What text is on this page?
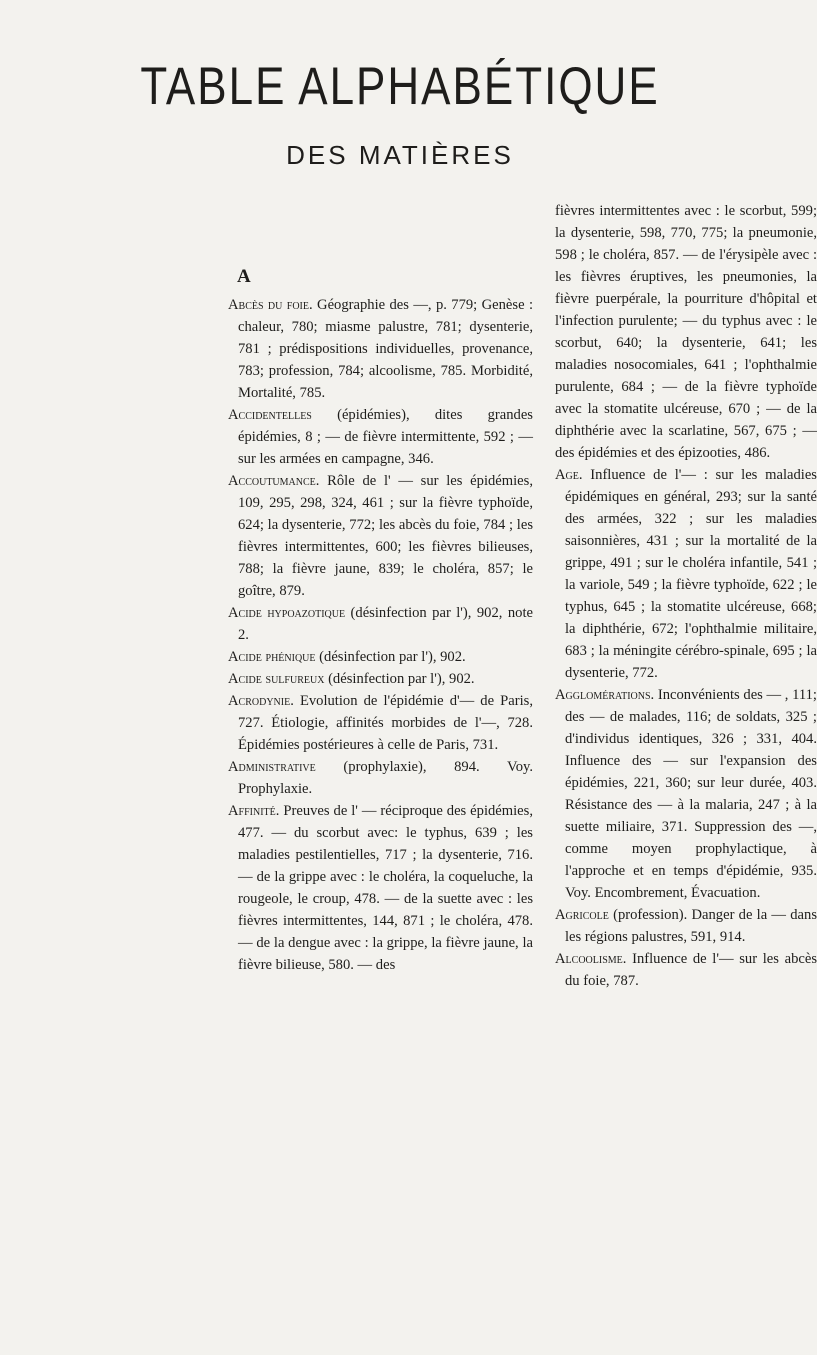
TABLE ALPHABÉTIQUE
DES MATIÈRES
A

Abcès du foie. Géographie des —, p. 779; Genèse : chaleur, 780; miasme palustre, 781; dysenterie, 781 ; prédispositions individuelles, provenance, 783; profession, 784; alcoolisme, 785. Morbidité, Mortalité, 785.

Accidentelles (épidémies), dites grandes épidémies, 8 ; — de fièvre intermittente, 592 ; — sur les armées en campagne, 346.

Accoutumance. Rôle de l' — sur les épidémies, 109, 295, 298, 324, 461 ; sur la fièvre typhoïde, 624; la dysenterie, 772; les abcès du foie, 784 ; les fièvres intermittentes, 600; les fièvres bilieuses, 788; la fièvre jaune, 839; le choléra, 857; le goître, 879.

Acide hypoazotique (désinfection par l'), 902, note 2.

Acide phénique (désinfection par l'), 902.

Acide sulfureux (désinfection par l'), 902.

Acrodynie. Evolution de l'épidémie d'— de Paris, 727. Étiologie, affinités morbides de l'—, 728. Épidémies postérieures à celle de Paris, 731.

Administrative (prophylaxie), 894. Voy. Prophylaxie.

Affinité. Preuves de l' — réciproque des épidémies, 477. — du scorbut avec: le typhus, 639 ; les maladies pestilentielles, 717 ; la dysenterie, 716. — de la grippe avec : le choléra, la coqueluche, la rougeole, le croup, 478. — de la suette avec : les fièvres intermittentes, 144, 871 ; le choléra, 478. — de la dengue avec : la grippe, la fièvre jaune, la fièvre bilieuse, 580. — des

fièvres intermittentes avec : le scorbut, 599; la dysenterie, 598, 770, 775; la pneumonie, 598 ; le choléra, 857. — de l'érysipèle avec : les fièvres éruptives, les pneumonies, la fièvre puerpérale, la pourriture d'hôpital et l'infection purulente; — du typhus avec : le scorbut, 640; la dysenterie, 641; les maladies nosocomiales, 641 ; l'ophthalmie purulente, 684 ; — de la fièvre typhoïde avec la stomatite ulcéreuse, 670 ; — de la diphthérie avec la scarlatine, 567, 675 ; — des épidémies et des épizooties, 486.

Age. Influence de l'— : sur les maladies épidémiques en général, 293; sur la santé des armées, 322 ; sur les maladies saisonnières, 431 ; sur la mortalité de la grippe, 491 ; sur le choléra infantile, 541 ; la variole, 549 ; la fièvre typhoïde, 622 ; le typhus, 645 ; la stomatite ulcéreuse, 668; la diphthérie, 672; l'ophthalmie militaire, 683 ; la méningite cérébro-spinale, 695 ; la dysenterie, 772.

Agglomérations. Inconvénients des — , 111; des — de malades, 116; de soldats, 325 ; d'individus identiques, 326 ; 331, 404. Influence des — sur l'expansion des épidémies, 221, 360; sur leur durée, 403. Résistance des — à la malaria, 247 ; à la suette miliaire, 371. Suppression des —, comme moyen prophylactique, à l'approche et en temps d'épidémie, 935. Voy. Encombrement, Évacuation.

Agricole (profession). Danger de la — dans les régions palustres, 591, 914.

Alcoolisme. Influence de l'— sur les abcès du foie, 787.
